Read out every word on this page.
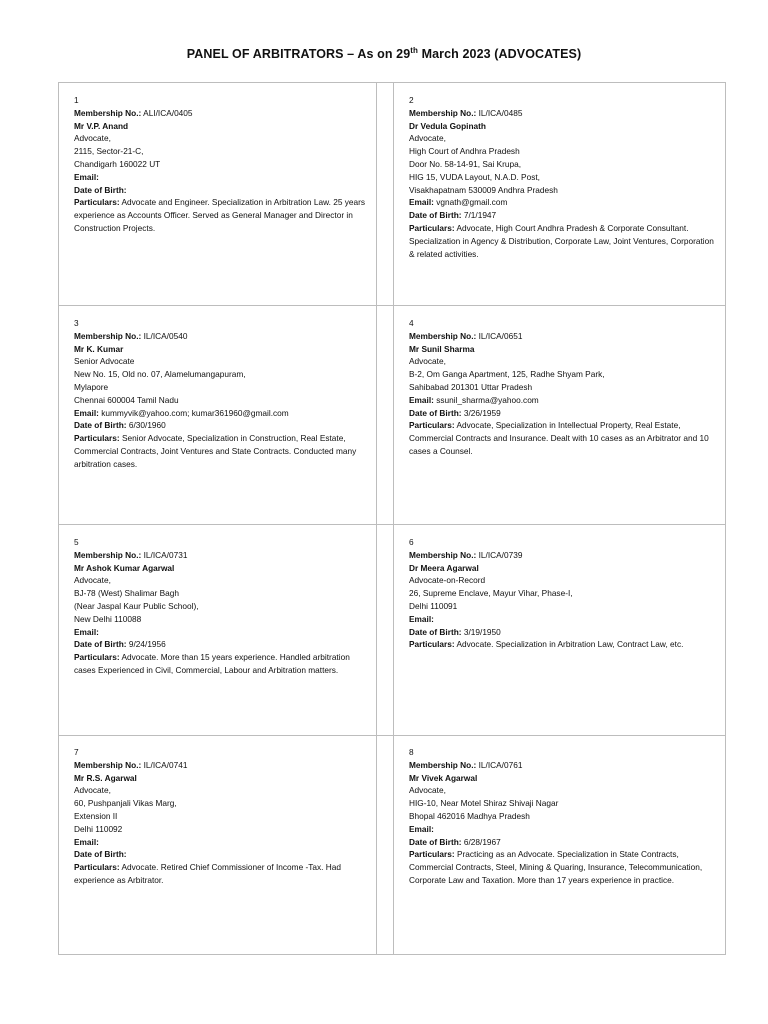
PANEL OF ARBITRATORS – As on 29th March 2023 (ADVOCATES)
1
Membership No.: ALI/ICA/0405
Mr V.P. Anand
Advocate,
2115, Sector-21-C,
Chandigarh 160022 UT
Email:
Date of Birth:
Particulars: Advocate and Engineer. Specialization in Arbitration Law. 25 years experience as Accounts Officer. Served as General Manager and Director in Construction Projects.
2
Membership No.: IL/ICA/0485
Dr Vedula Gopinath
Advocate,
High Court of Andhra Pradesh
Door No. 58-14-91, Sai Krupa,
HIG 15, VUDA Layout, N.A.D. Post,
Visakhapatnam 530009 Andhra Pradesh
Email: vgnath@gmail.com
Date of Birth: 7/1/1947
Particulars: Advocate, High Court Andhra Pradesh & Corporate Consultant. Specialization in Agency & Distribution, Corporate Law, Joint Ventures, Corporation & related activities.
3
Membership No.: IL/ICA/0540
Mr K. Kumar
Senior Advocate
New No. 15, Old no. 07, Alamelumangapuram,
Mylapore
Chennai 600004 Tamil Nadu
Email: kummyvik@yahoo.com; kumar361960@gmail.com
Date of Birth: 6/30/1960
Particulars: Senior Advocate, Specialization in Construction, Real Estate, Commercial Contracts, Joint Ventures and State Contracts. Conducted many arbitration cases.
4
Membership No.: IL/ICA/0651
Mr Sunil Sharma
Advocate,
B-2, Om Ganga Apartment, 125, Radhe Shyam Park,
Sahibabad 201301 Uttar Pradesh
Email: ssunil_sharma@yahoo.com
Date of Birth: 3/26/1959
Particulars: Advocate, Specialization in Intellectual Property, Real Estate, Commercial Contracts and Insurance. Dealt with 10 cases as an Arbitrator and 10 cases a Counsel.
5
Membership No.: IL/ICA/0731
Mr Ashok Kumar Agarwal
Advocate,
BJ-78 (West) Shalimar Bagh
(Near Jaspal Kaur Public School),
New Delhi 110088
Email:
Date of Birth: 9/24/1956
Particulars: Advocate. More than 15 years experience. Handled arbitration cases Experienced in Civil, Commercial, Labour and Arbitration matters.
6
Membership No.: IL/ICA/0739
Dr Meera Agarwal
Advocate-on-Record
26, Supreme Enclave, Mayur Vihar, Phase-I,
Delhi 110091
Email:
Date of Birth: 3/19/1950
Particulars: Advocate. Specialization in Arbitration Law, Contract Law, etc.
7
Membership No.: IL/ICA/0741
Mr R.S. Agarwal
Advocate,
60, Pushpanjali Vikas Marg,
Extension II
Delhi 110092
Email:
Date of Birth:
Particulars: Advocate. Retired Chief Commissioner of Income -Tax. Had experience as Arbitrator.
8
Membership No.: IL/ICA/0761
Mr Vivek Agarwal
Advocate,
HIG-10, Near Motel Shiraz Shivaji Nagar
Bhopal 462016 Madhya Pradesh
Email:
Date of Birth: 6/28/1967
Particulars: Practicing as an Advocate. Specialization in State Contracts, Commercial Contracts, Steel, Mining & Quaring, Insurance, Telecommunication, Corporate Law and Taxation. More than 17 years experience in practice.
